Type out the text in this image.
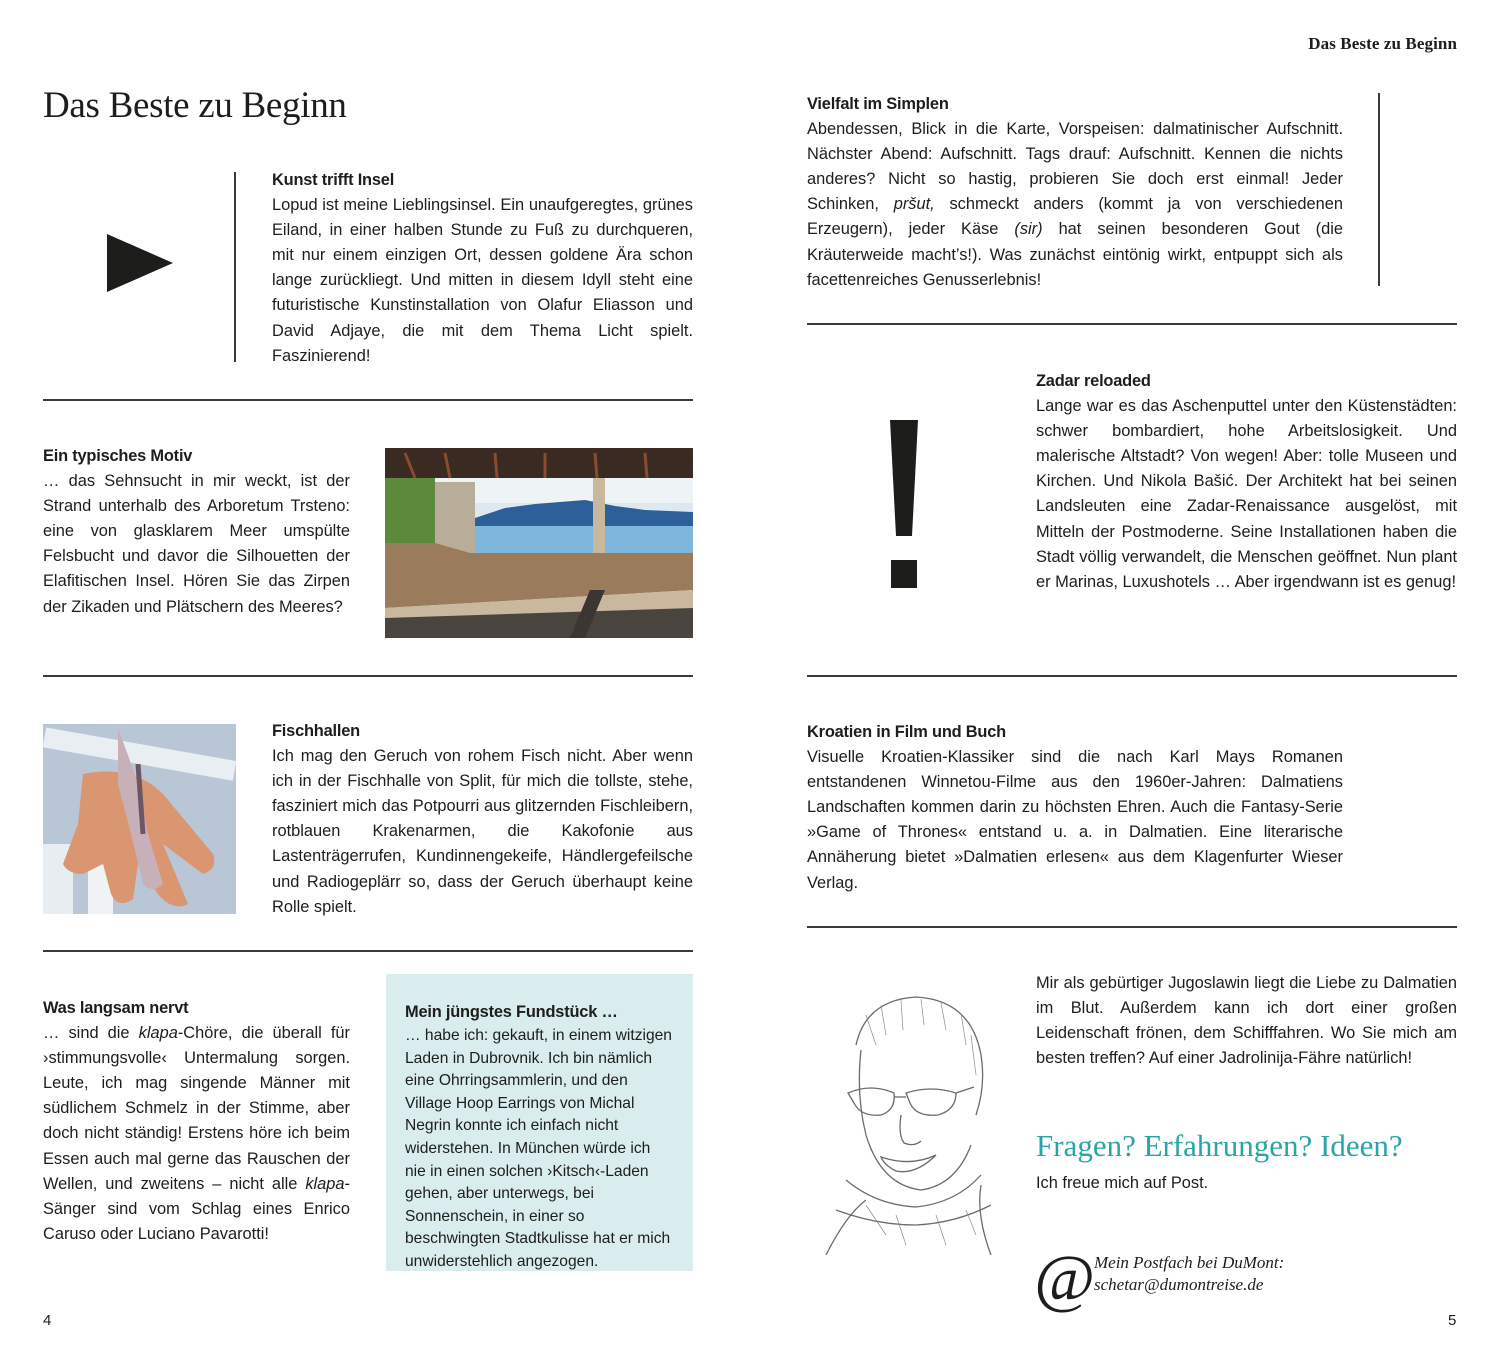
Das Beste zu Beginn
Das Beste zu Beginn
Kunst trifft Insel

Lopud ist meine Lieblingsinsel. Ein unaufgeregtes, grünes Eiland, in einer halben Stunde zu Fuß zu durchqueren, mit nur einem einzigen Ort, dessen goldene Ära schon lange zurückliegt. Und mitten in diesem Idyll steht eine futuristische Kunstinstallation von Olafur Eliasson und David Adjaye, die mit dem Thema Licht spielt. Faszinierend!

Ein typisches Motiv

… das Sehnsucht in mir weckt, ist der Strand unterhalb des Arboretum Trsteno: eine von glasklarem Meer umspülte Felsbucht und davor die Silhouetten der Elafitischen Insel. Hören Sie das Zirpen der Zikaden und Plätschern des Meeres?

Fischhallen

Ich mag den Geruch von rohem Fisch nicht. Aber wenn ich in der Fischhalle von Split, für mich die tollste, stehe, fasziniert mich das Potpourri aus glitzernden Fischleibern, rotblauen Krakenarmen, die Kakofonie aus Lastenträgerrufen, Kundinnengekeife, Händlergefeilsche und Radiogeplärr so, dass der Geruch überhaupt keine Rolle spielt.

Was langsam nervt

… sind die klapa-Chöre, die überall für ›stimmungsvolle‹ Untermalung sorgen. Leute, ich mag singende Männer mit südlichem Schmelz in der Stimme, aber doch nicht ständig! Erstens höre ich beim Essen auch mal gerne das Rauschen der Wellen, und zweitens – nicht alle klapa-Sänger sind vom Schlag eines Enrico Caruso oder Luciano Pavarotti!

Mein jüngstes Fundstück …

… habe ich: gekauft, in einem witzigen Laden in Dubrovnik. Ich bin nämlich eine Ohrringsammlerin, und den Village Hoop Earrings von Michal Negrin konnte ich einfach nicht widerstehen. In München würde ich nie in einen solchen ›Kitsch‹-Laden gehen, aber unterwegs, bei Sonnenschein, in einer so beschwingten Stadtkulisse hat er mich unwiderstehlich angezogen.

4
Vielfalt im Simplen

Abendessen, Blick in die Karte, Vorspeisen: dalmatinischer Aufschnitt. Nächster Abend: Aufschnitt. Tags drauf: Aufschnitt. Kennen die nichts anderes? Nicht so hastig, probieren Sie doch erst einmal! Jeder Schinken, pršut, schmeckt anders (kommt ja von verschiedenen Erzeugern), jeder Käse (sir) hat seinen besonderen Gout (die Kräuterweide macht’s!). Was zunächst eintönig wirkt, entpuppt sich als facettenreiches Genusserlebnis!

Zadar reloaded

Lange war es das Aschenputtel unter den Küstenstädten: schwer bombardiert, hohe Arbeitslosigkeit. Und malerische Altstadt? Von wegen! Aber: tolle Museen und Kirchen. Und Nikola Bašić. Der Architekt hat bei seinen Landsleuten eine Zadar-Renaissance ausgelöst, mit Mitteln der Postmoderne. Seine Installationen haben die Stadt völlig verwandelt, die Menschen geöffnet. Nun plant er Marinas, Luxushotels … Aber irgendwann ist es genug!

Kroatien in Film und Buch

Visuelle Kroatien-Klassiker sind die nach Karl Mays Romanen entstandenen Winnetou-Filme aus den 1960er-Jahren: Dalmatiens Landschaften kommen darin zu höchsten Ehren. Auch die Fantasy-Serie »Game of Thrones« entstand u. a. in Dalmatien. Eine literarische Annäherung bietet »Dalmatien erlesen« aus dem Klagenfurter Wieser Verlag.

Mir als gebürtiger Jugoslawin liegt die Liebe zu Dalmatien im Blut. Außerdem kann ich dort einer großen Leidenschaft frönen, dem Schifffahren. Wo Sie mich am besten treffen? Auf einer Jadrolinija-Fähre natürlich!

Fragen? Erfahrungen? Ideen?
Ich freue mich auf Post.
@ Mein Postfach bei DuMont:
schetar@dumontreise.de
5
